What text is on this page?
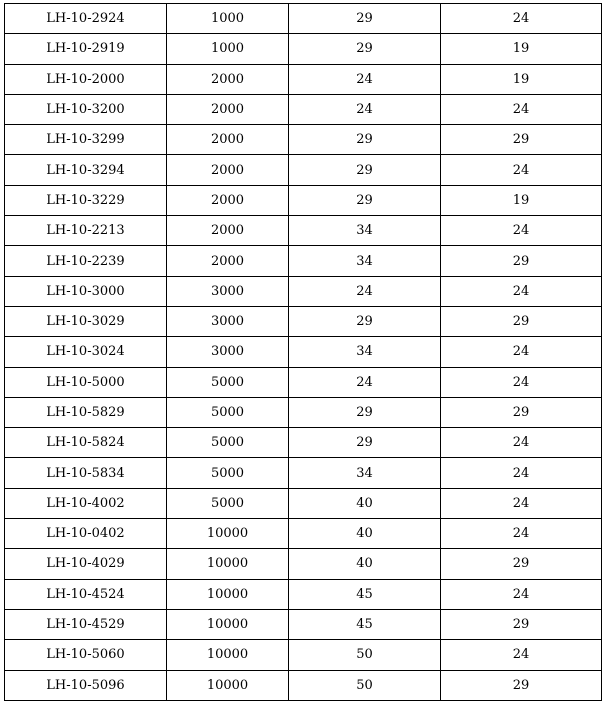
LH-10-2924	1000	29	24
LH-10-2919	1000	29	19
LH-10-2000	2000	24	19
LH-10-3200	2000	24	24
LH-10-3299	2000	29	29
LH-10-3294	2000	29	24
LH-10-3229	2000	29	19
LH-10-2213	2000	34	24
LH-10-2239	2000	34	29
LH-10-3000	3000	24	24
LH-10-3029	3000	29	29
LH-10-3024	3000	34	24
LH-10-5000	5000	24	24
LH-10-5829	5000	29	29
LH-10-5824	5000	29	24
LH-10-5834	5000	34	24
LH-10-4002	5000	40	24
LH-10-0402	10000	40	24
LH-10-4029	10000	40	29
LH-10-4524	10000	45	24
LH-10-4529	10000	45	29
LH-10-5060	10000	50	24
LH-10-5096	10000	50	29
